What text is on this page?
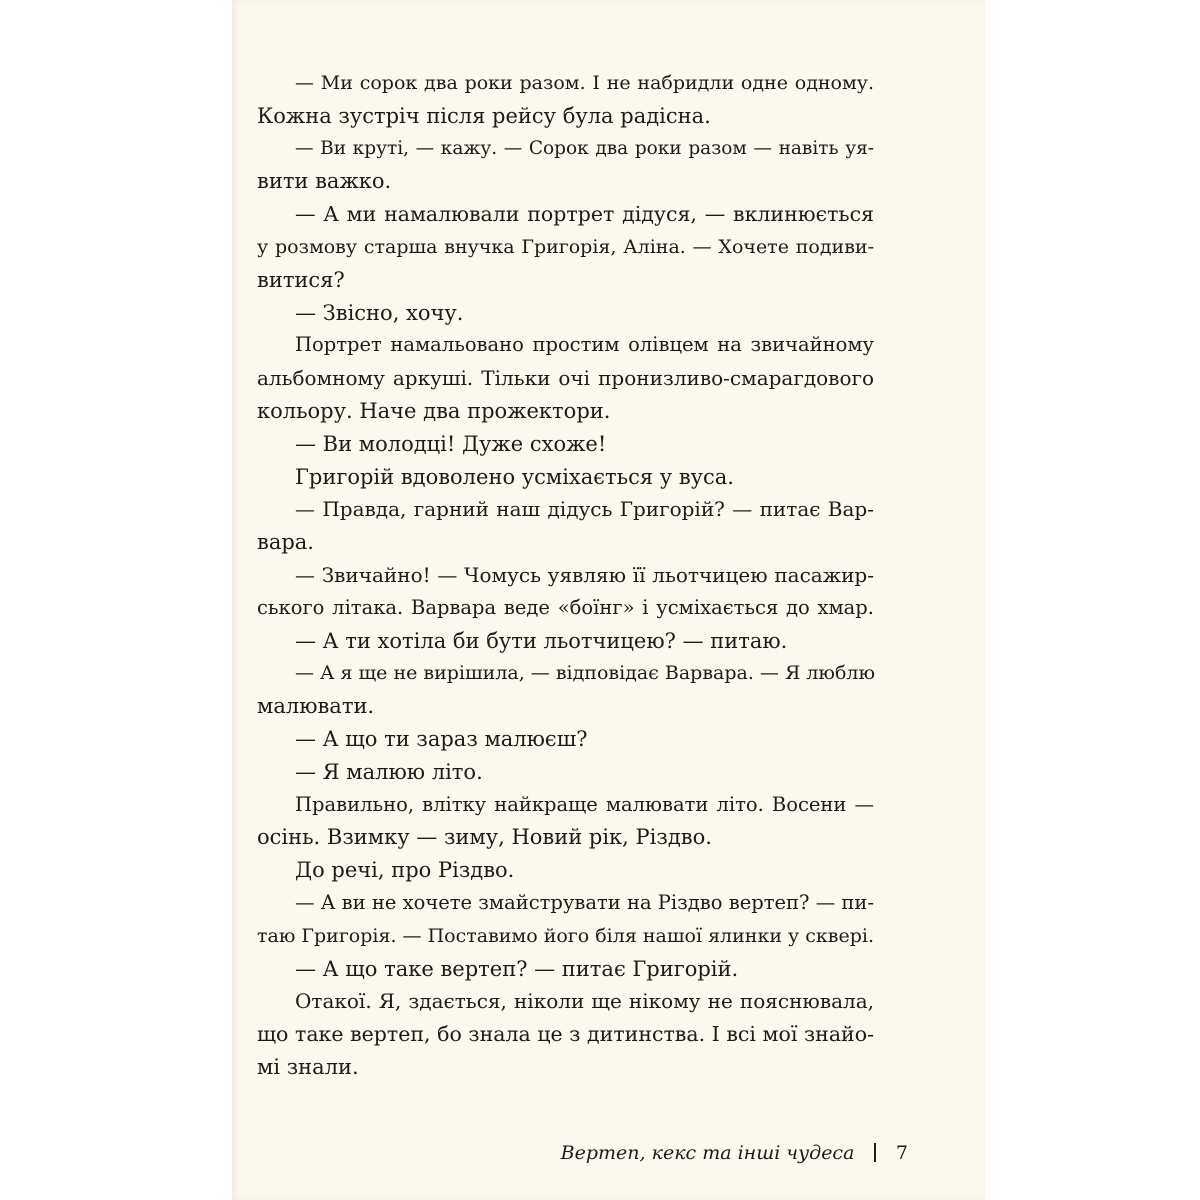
— Ми сорок два роки разом. І не набридли одне одному.
Кожна зустріч після рейсу була радісна.
— Ви круті, — кажу. — Сорок два роки разом — навіть уя-
вити важко.
— А ми намалювали портрет дідуся, — вклинюється
у розмову старша внучка Григорія, Аліна. — Хочете подиви-
витися?
— Звісно, хочу.
Портрет намальовано простим олівцем на звичайному
альбомному аркуші. Тільки очі пронизливо-смарагдового
кольору. Наче два прожектори.
— Ви молодці! Дуже схоже!
Григорій вдоволено усміхається у вуса.
— Правда, гарний наш дідусь Григорій? — питає Вар-
вара.
— Звичайно! — Чомусь уявляю її льотчицею пасажир-
ського літака. Варвара веде «боїнг» і усміхається до хмар.
— А ти хотіла би бути льотчицею? — питаю.
— А я ще не вирішила, — відповідає Варвара. — Я люблю
малювати.
— А що ти зараз малюєш?
— Я малюю літо.
Правильно, влітку найкраще малювати літо. Восени —
осінь. Взимку — зиму, Новий рік, Різдво.
До речі, про Різдво.
— А ви не хочете змайструвати на Різдво вертеп? — пи-
таю Григорія. — Поставимо його біля нашої ялинки у сквері.
— А що таке вертеп? — питає Григорій.
Отакої. Я, здається, ніколи ще нікому не пояснювала,
що таке вертеп, бо знала це з дитинства. І всі мої знайо-
мі знали.
Вертеп, кекс та інші чудеса 7
